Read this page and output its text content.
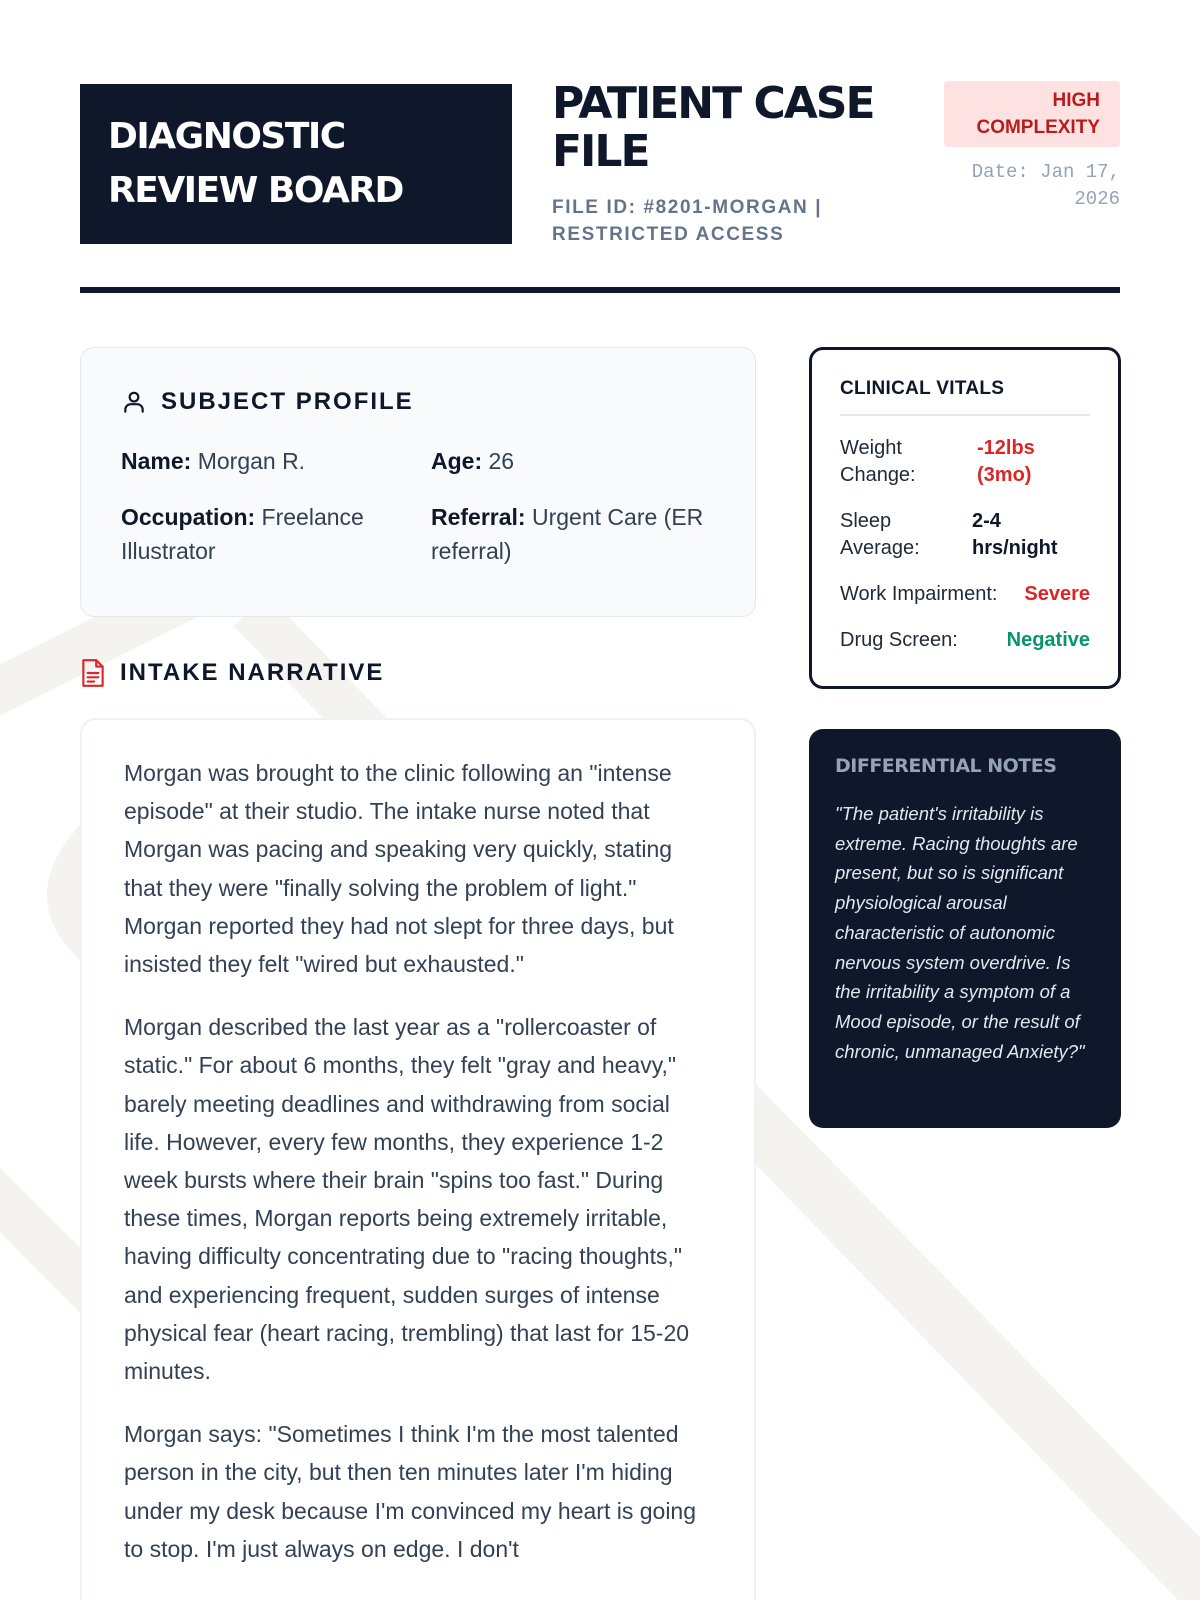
DIAGNOSTIC
REVIEW BOARD
PATIENT CASE
FILE
FILE ID: #8201-MORGAN | RESTRICTED ACCESS
HIGH
COMPLEXITY
Date: Jan 17, 2026
SUBJECT PROFILE
Name: Morgan R.	Age: 26
Occupation: Freelance Illustrator
Referral: Urgent Care (ER referral)
INTAKE NARRATIVE

Morgan was brought to the clinic following an "intense episode" at their studio. The intake nurse noted that Morgan was pacing and speaking very quickly, stating that they were "finally solving the problem of light." Morgan reported they had not slept for three days, but insisted they felt "wired but exhausted."

Morgan described the last year as a "rollercoaster of static." For about 6 months, they felt "gray and heavy," barely meeting deadlines and withdrawing from social life. However, every few months, they experience 1-2 week bursts where their brain "spins too fast." During these times, Morgan reports being extremely irritable, having difficulty concentrating due to "racing thoughts," and experiencing frequent, sudden surges of intense physical fear (heart racing, trembling) that last for 15-20 minutes.

Morgan says: "Sometimes I think I'm the most talented person in the city, but then ten minutes later I'm hiding under my desk because I'm convinced my heart is going to stop. I'm just always on edge. I don't

CLINICAL VITALS
Weight Change:
-12lbs (3mo)
Sleep Average:
2-4 hrs/night
Work Impairment: Severe
Drug Screen: Negative
DIFFERENTIAL NOTES
"The patient's irritability is extreme. Racing thoughts are present, but so is significant physiological arousal characteristic of autonomic nervous system overdrive. Is the irritability a symptom of a Mood episode, or the result of chronic, unmanaged Anxiety?"
